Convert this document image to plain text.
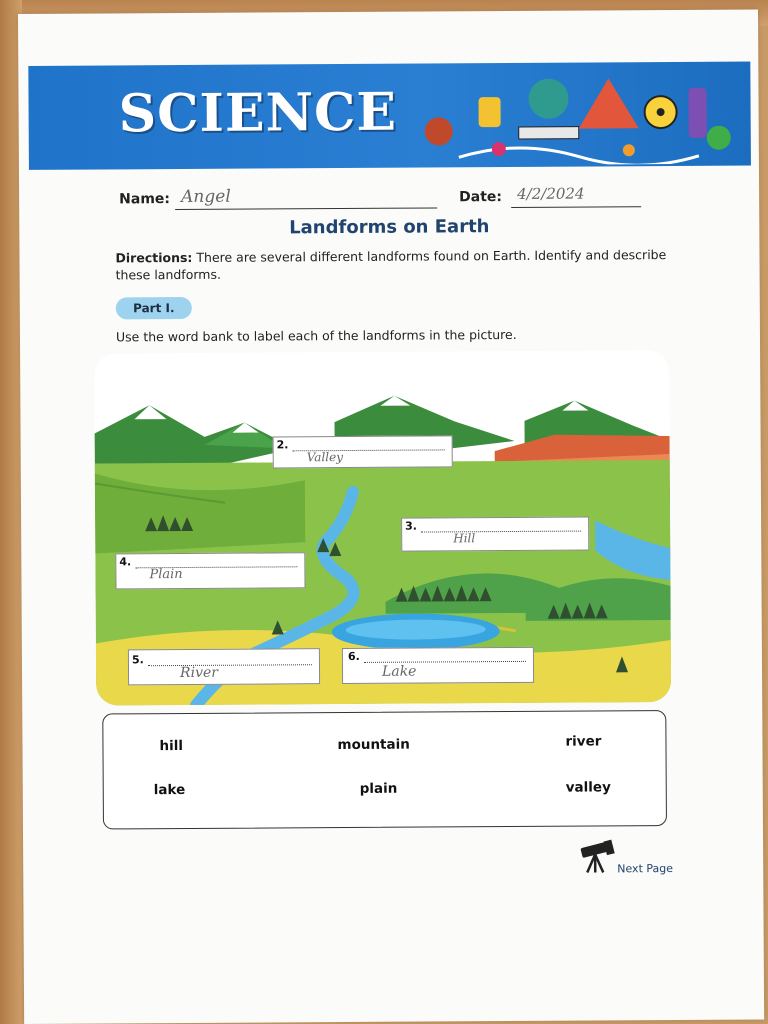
SCIENCE
Name: Angel	Date: 4/2/2024
Landforms on Earth
Directions: There are several different landforms found on Earth. Identify and describe these landforms.
Part I.
Use the word bank to label each of the landforms in the picture.
2.
Valley
3.
Hill
4.
Plain
5.
River
6.
Lake
hill	mountain	river
lake	plain	valley
Next Page
